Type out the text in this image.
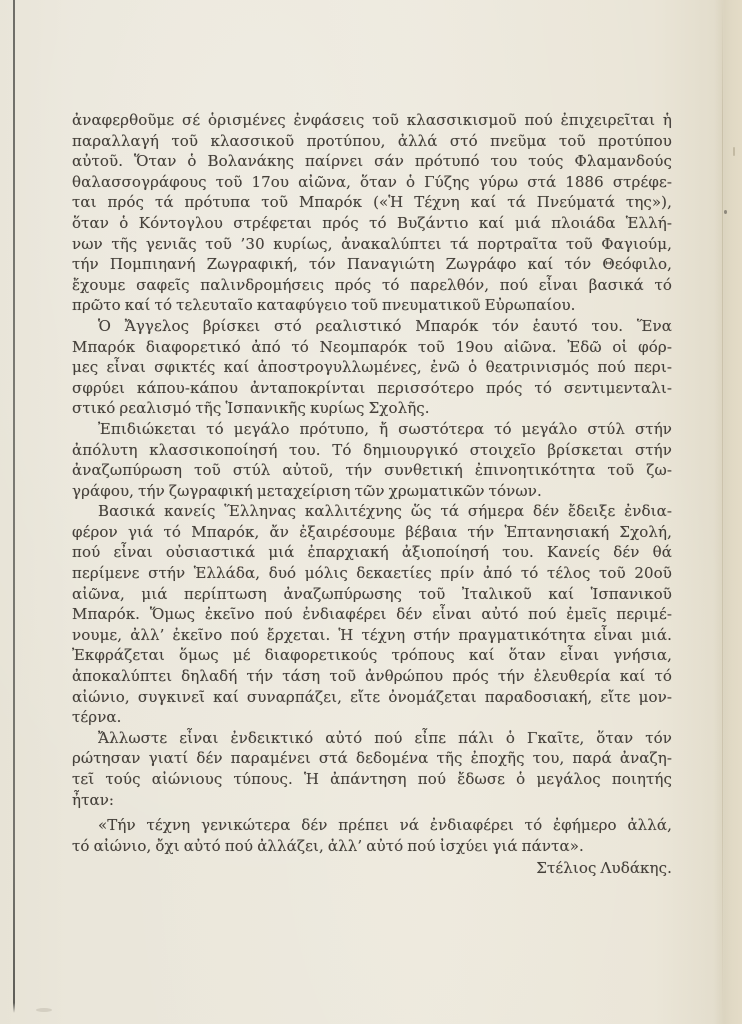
ἀναφερθοῦμε σέ ὁρισμένες ἐνφάσεις τοῦ κλασσικισμοῦ πού ἐπιχειρεῖται ἡ
παραλλαγή τοῦ κλασσικοῦ προτύπου, ἀλλά στό πνεῦμα τοῦ προτύπου
αὐτοῦ. Ὅταν ὁ Βολανάκης παίρνει σάν πρότυπό του τούς Φλαμανδούς
θαλασσογράφους τοῦ 17ου αἰῶνα, ὅταν ὁ Γύζης γύρω στά 1886 στρέφε-
ται πρός τά πρότυπα τοῦ Μπαρόκ («Ἡ Τέχνη καί τά Πνεύματά της»),
ὅταν ὁ Κόντογλου στρέφεται πρός τό Βυζάντιο καί μιά πλοιάδα Ἑλλή-
νων τῆς γενιᾶς τοῦ ’30 κυρίως, ἀνακαλύπτει τά πορτραῖτα τοῦ Φαγιούμ,
τήν Πομπιηανή Ζωγραφική, τόν Παναγιώτη Ζωγράφο καί τόν Θεόφιλο,
ἔχουμε σαφεῖς παλινδρομήσεις πρός τό παρελθόν, πού εἶναι βασικά τό
πρῶτο καί τό τελευταῖο καταφύγειο τοῦ πνευματικοῦ Εὐρωπαίου.
Ὁ Ἄγγελος βρίσκει στό ρεαλιστικό Μπαρόκ τόν ἑαυτό του. Ἕνα
Μπαρόκ διαφορετικό ἀπό τό Νεομπαρόκ τοῦ 19ου αἰῶνα. Ἐδῶ οἱ φόρ-
μες εἶναι σφικτές καί ἀποστρογυλλωμένες, ἐνῶ ὁ θεατρινισμός πού περι-
σφρύει κάπου-κάπου ἀνταποκρίνται περισσότερο πρός τό σεντιμενταλι-
στικό ρεαλισμό τῆς Ἱσπανικῆς κυρίως Σχολῆς.
Ἐπιδιώκεται τό μεγάλο πρότυπο, ἤ σωστότερα τό μεγάλο στύλ στήν
ἀπόλυτη κλασσικοποίησή του. Τό δημιουργικό στοιχεῖο βρίσκεται στήν
ἀναζωπύρωση τοῦ στύλ αὐτοῦ, τήν συνθετική ἐπινοητικότητα τοῦ ζω-
γράφου, τήν ζωγραφική μεταχείριση τῶν χρωματικῶν τόνων.
Βασικά κανείς Ἕλληνας καλλιτέχνης ὥς τά σήμερα δέν ἔδειξε ἐνδια-
φέρον γιά τό Μπαρόκ, ἄν ἐξαιρέσουμε βέβαια τήν Ἑπτανησιακή Σχολή,
πού εἶναι οὐσιαστικά μιά ἐπαρχιακή ἀξιοποίησή του. Κανείς δέν θά
περίμενε στήν Ἑλλάδα, δυό μόλις δεκαετίες πρίν ἀπό τό τέλος τοῦ 20οῦ
αἰῶνα, μιά περίπτωση ἀναζωπύρωσης τοῦ Ἰταλικοῦ καί Ἱσπανικοῦ
Μπαρόκ. Ὅμως ἐκεῖνο πού ἐνδιαφέρει δέν εἶναι αὐτό πού ἐμεῖς περιμέ-
νουμε, ἀλλ’ ἐκεῖνο πού ἔρχεται. Ἡ τέχνη στήν πραγματικότητα εἶναι μιά.
Ἐκφράζεται ὅμως μέ διαφορετικούς τρόπους καί ὅταν εἶναι γνήσια,
ἀποκαλύπτει δηλαδή τήν τάση τοῦ ἀνθρώπου πρός τήν ἐλευθερία καί τό
αἰώνιο, συγκινεῖ καί συναρπάζει, εἴτε ὀνομάζεται παραδοσιακή, εἴτε μον-
τέρνα.
Ἄλλωστε εἶναι ἐνδεικτικό αὐτό πού εἶπε πάλι ὁ Γκαῖτε, ὅταν τόν
ρώτησαν γιατί δέν παραμένει στά δεδομένα τῆς ἐποχῆς του, παρά ἀναζη-
τεῖ τούς αἰώνιους τύπους. Ἡ ἀπάντηση πού ἔδωσε ὁ μεγάλος ποιητής
ἦταν:
«Τήν τέχνη γενικώτερα δέν πρέπει νά ἐνδιαφέρει τό ἐφήμερο ἀλλά,
τό αἰώνιο, ὄχι αὐτό πού ἀλλάζει, ἀλλ’ αὐτό πού ἰσχύει γιά πάντα».
Στέλιος Λυδάκης.
